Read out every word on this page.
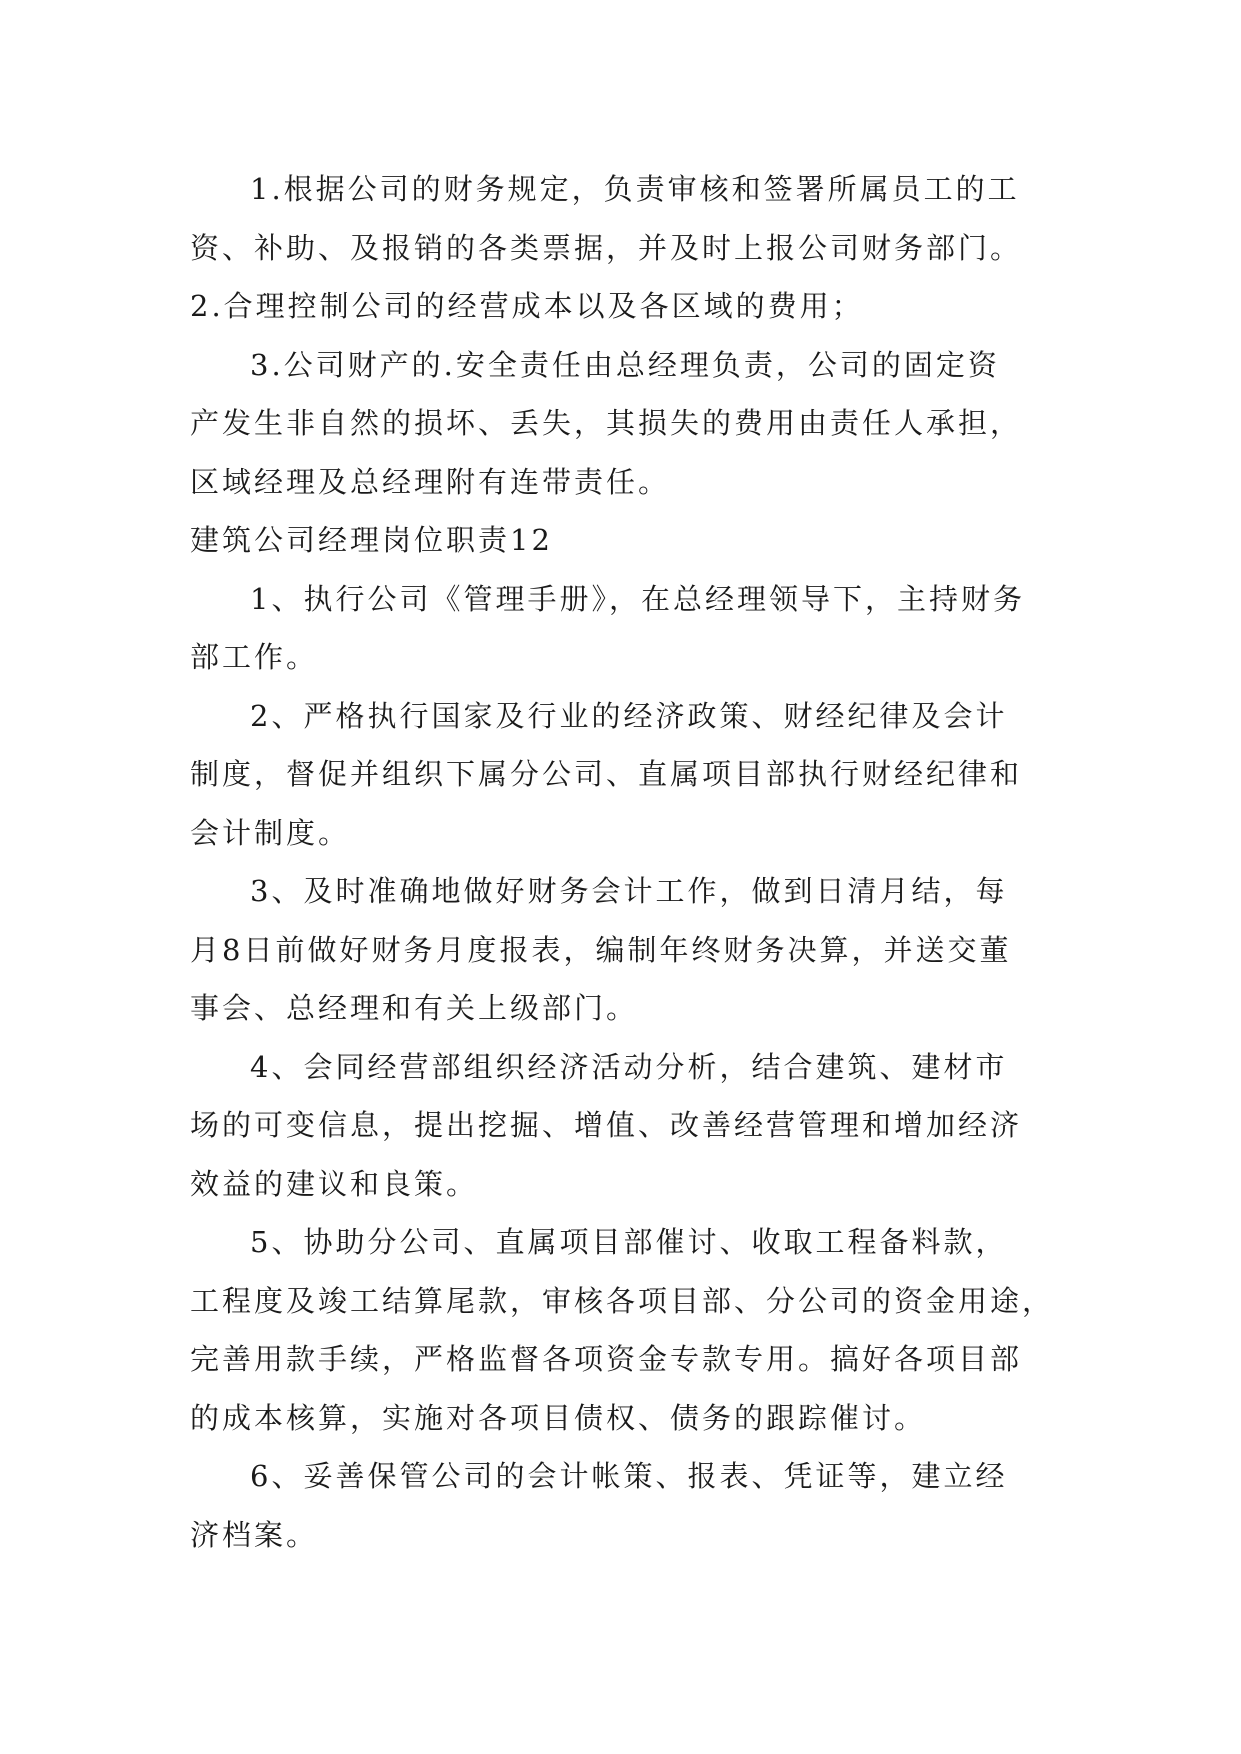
1.根据公司的财务规定，负责审核和签署所属员工的工

资、补助、及报销的各类票据，并及时上报公司财务部门。

2.合理控制公司的经营成本以及各区域的费用；

3.公司财产的.安全责任由总经理负责，公司的固定资

产发生非自然的损坏、丢失，其损失的费用由责任人承担，

区域经理及总经理附有连带责任。

建筑公司经理岗位职责12

1、执行公司《管理手册》，在总经理领导下，主持财务

部工作。

2、严格执行国家及行业的经济政策、财经纪律及会计

制度，督促并组织下属分公司、直属项目部执行财经纪律和

会计制度。

3、及时准确地做好财务会计工作，做到日清月结，每

月8日前做好财务月度报表，编制年终财务决算，并送交董

事会、总经理和有关上级部门。

4、会同经营部组织经济活动分析，结合建筑、建材市

场的可变信息，提出挖掘、增值、改善经营管理和增加经济

效益的建议和良策。

5、协助分公司、直属项目部催讨、收取工程备料款，

工程度及竣工结算尾款，审核各项目部、分公司的资金用途，

完善用款手续，严格监督各项资金专款专用。搞好各项目部

的成本核算，实施对各项目债权、债务的跟踪催讨。

6、妥善保管公司的会计帐策、报表、凭证等，建立经

济档案。
